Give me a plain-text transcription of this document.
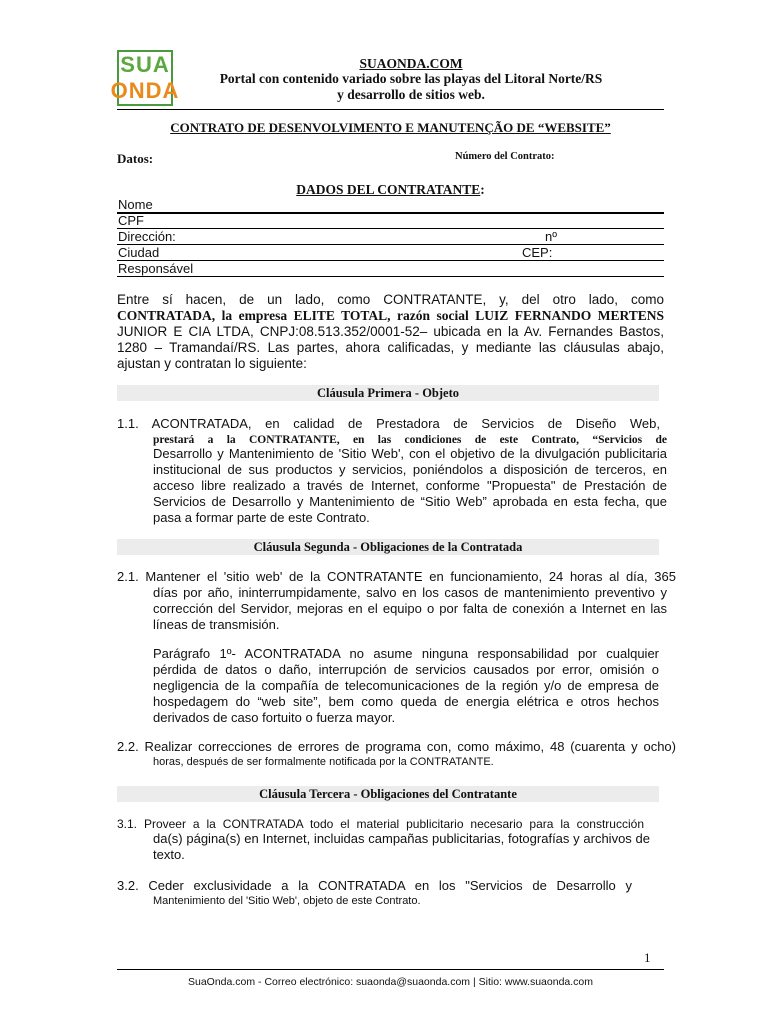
SUA
ONDA
SUAONDA.COM
Portal con contenido variado sobre las playas del Litoral Norte/RS
y desarrollo de sitios web.
CONTRATO DE DESENVOLVIMENTO E MANUTENÇÃO DE “WEBSITE”
Datos:	Número del Contrato:
DADOS DEL CONTRATANTE:
Nome
CPF
Dirección:	nº
Ciudad	CEP:
Responsável
Entre sí hacen, de un lado, como CONTRATANTE, y, del otro lado, como
CONTRATADA, la empresa ELITE TOTAL, razón social LUIZ FERNANDO MERTENS
JUNIOR E CIA LTDA, CNPJ:08.513.352/0001-52– ubicada en la Av. Fernandes Bastos, 1280 – Tramandaí/RS. Las partes, ahora calificadas, y mediante las cláusulas abajo, ajustan y contratan lo siguiente:
Cláusula Primera - Objeto
1.1. ACONTRATADA, en calidad de Prestadora de Servicios de Diseño Web,
prestará a la CONTRATANTE, en las condiciones de este Contrato, “Servicios de
Desarrollo y Mantenimiento de 'Sitio Web', con el objetivo de la divulgación publicitaria institucional de sus productos y servicios, poniéndolos a disposición de terceros, en acceso libre realizado a través de Internet, conforme "Propuesta" de Prestación de Servicios de Desarrollo y Mantenimiento de “Sitio Web” aprobada en esta fecha, que pasa a formar parte de este Contrato.
Cláusula Segunda - Obligaciones de la Contratada
2.1. Mantener el 'sitio web' de la CONTRATANTE en funcionamiento, 24 horas al día, 365
días por año, ininterrumpidamente, salvo en los casos de mantenimiento preventivo y corrección del Servidor, mejoras en el equipo o por falta de conexión a Internet en las líneas de transmisión.
Parágrafo 1º- ACONTRATADA no asume ninguna responsabilidad por cualquier pérdida de datos o daño, interrupción de servicios causados por error, omisión o negligencia de la compañía de telecomunicaciones de la región y/o de empresa de hospedagem do “web site”, bem como queda de energia elétrica e otros hechos derivados de caso fortuito o fuerza mayor.
2.2. Realizar correcciones de errores de programa con, como máximo, 48 (cuarenta y ocho)
horas, después de ser formalmente notificada por la CONTRATANTE.
Cláusula Tercera - Obligaciones del Contratante
3.1. Proveer a la CONTRATADA todo el material publicitario necesario para la construcción
da(s) página(s) en Internet, incluidas campañas publicitarias, fotografías y archivos de texto.
3.2. Ceder exclusividade a la CONTRATADA en los "Servicios de Desarrollo y
Mantenimiento del 'Sitio Web', objeto de este Contrato.
1
SuaOnda.com - Correo electrónico: suaonda@suaonda.com | Sitio: www.suaonda.com
